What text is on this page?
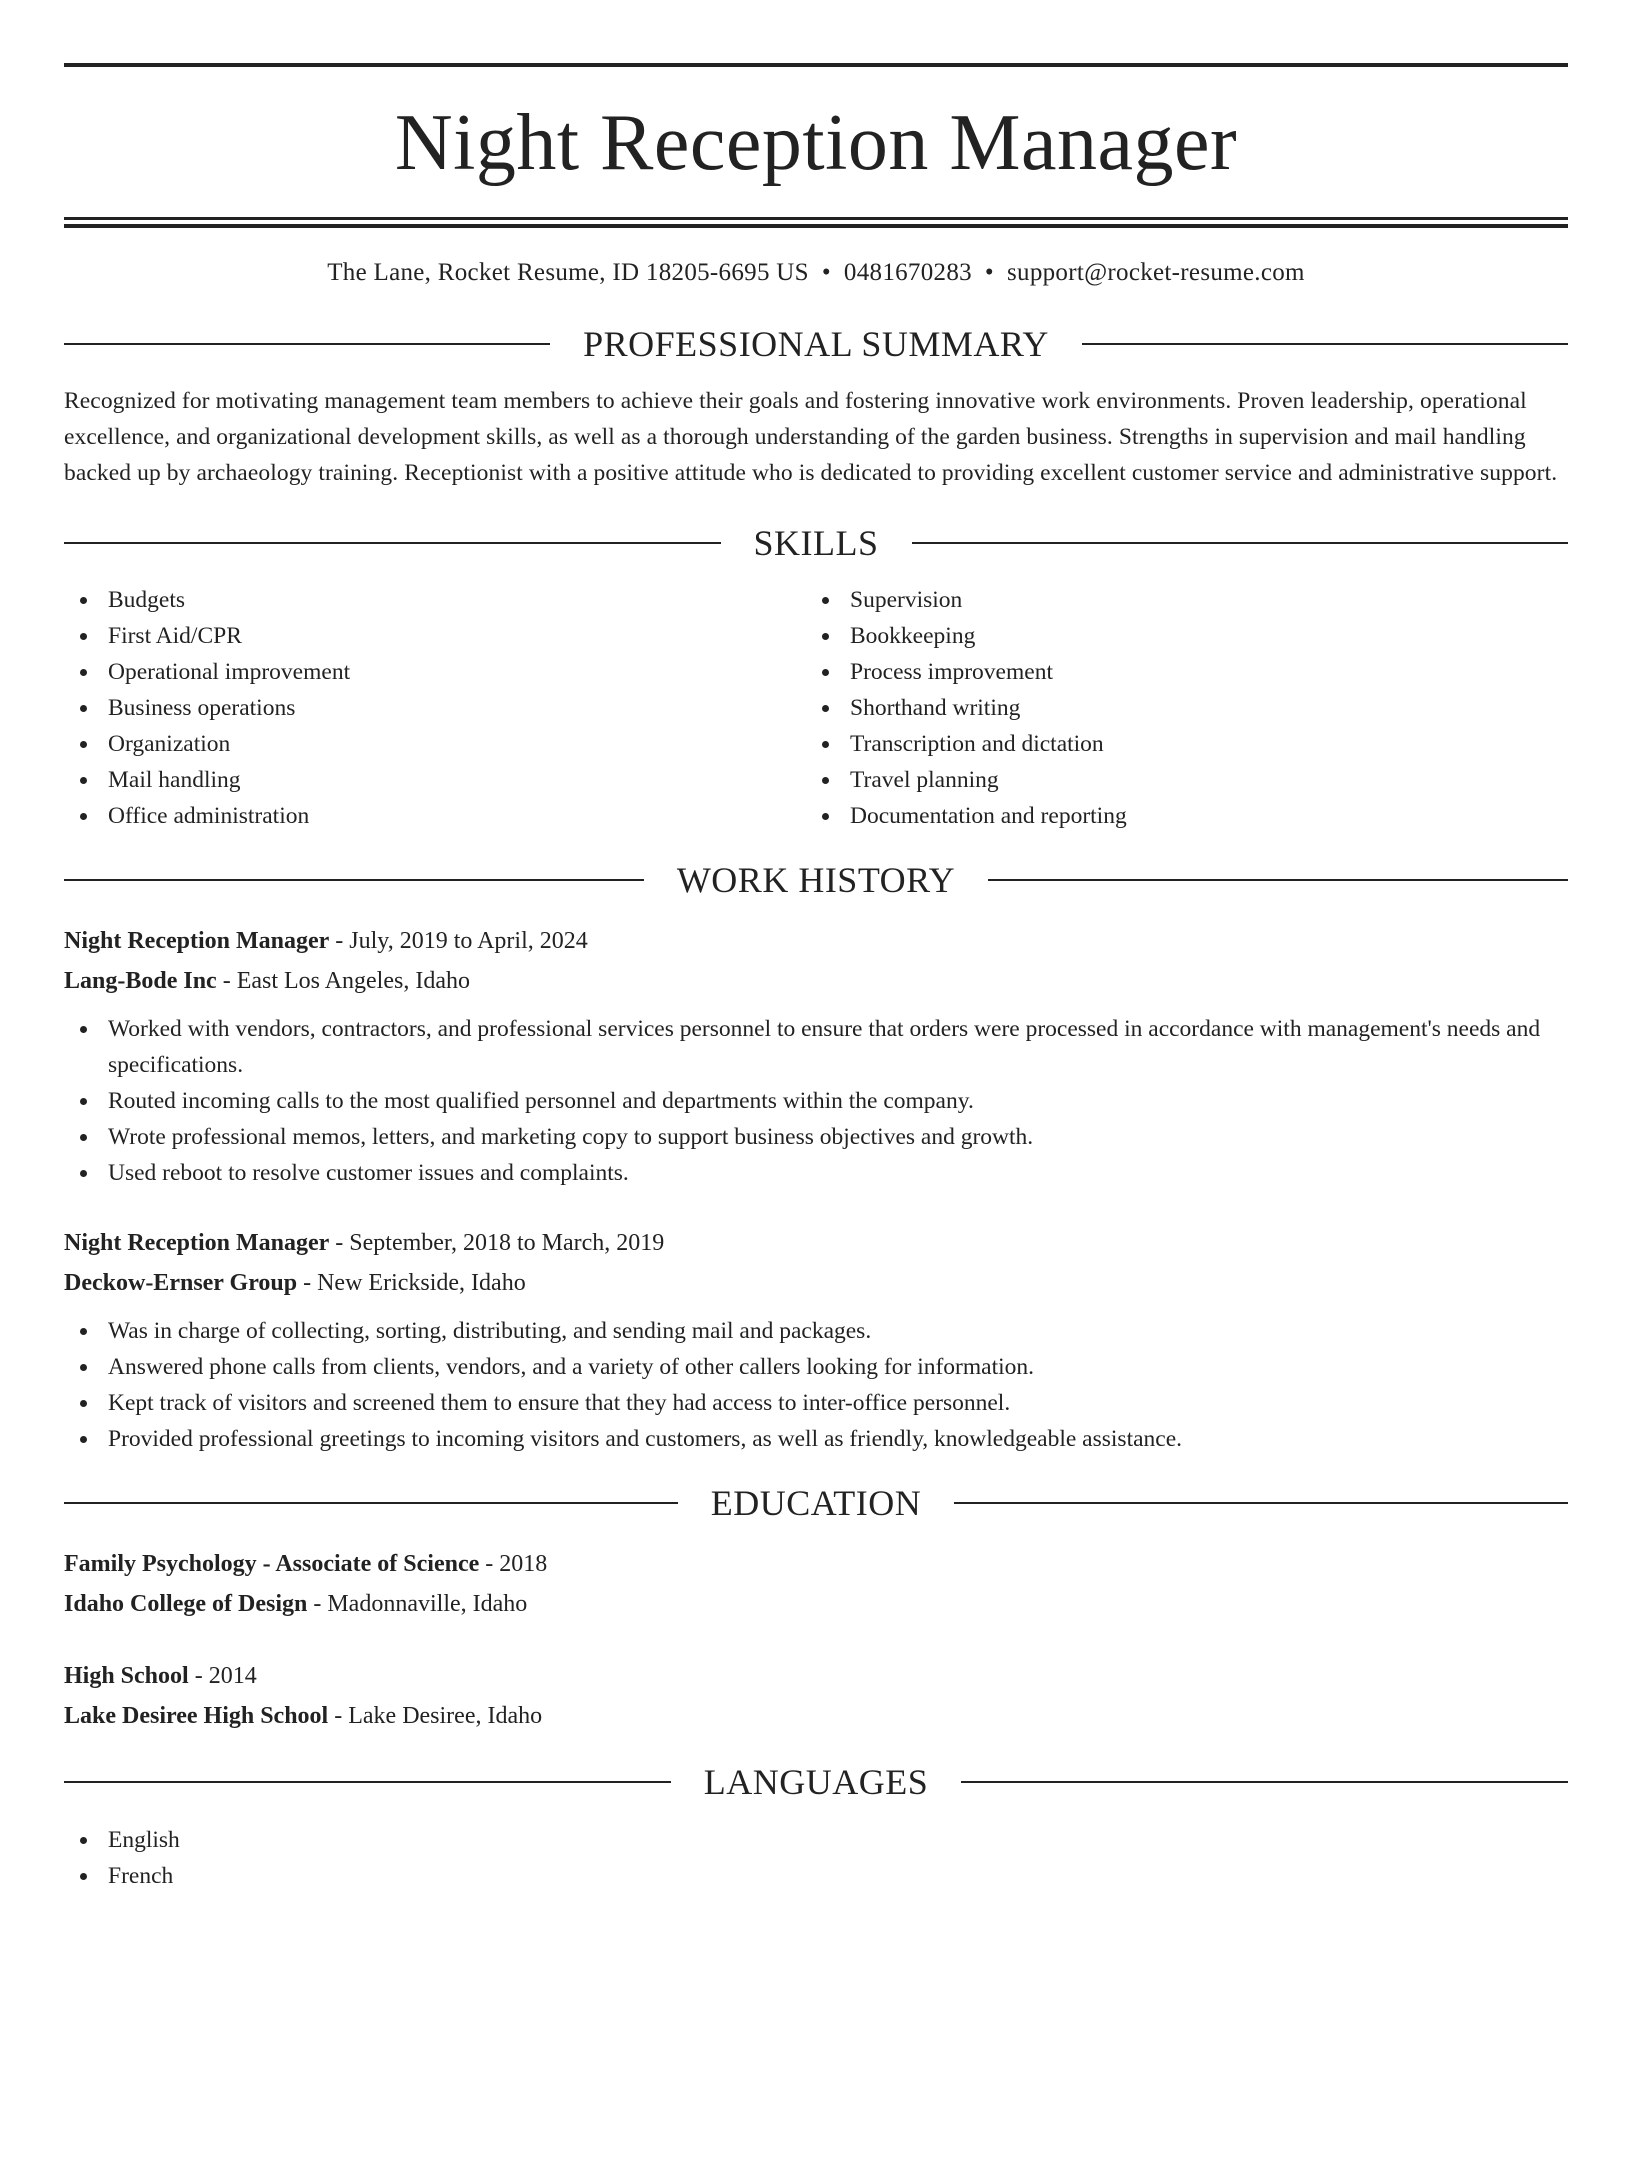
Night Reception Manager
The Lane, Rocket Resume, ID 18205-6695 US • 0481670283 • support@rocket-resume.com
PROFESSIONAL SUMMARY

Recognized for motivating management team members to achieve their goals and fostering innovative work environments. Proven leadership, operational excellence, and organizational development skills, as well as a thorough understanding of the garden business. Strengths in supervision and mail handling backed up by archaeology training. Receptionist with a positive attitude who is dedicated to providing excellent customer service and administrative support.

SKILLS
Budgets
First Aid/CPR
Operational improvement
Business operations
Organization
Mail handling
Office administration
Supervision
Bookkeeping
Process improvement
Shorthand writing
Transcription and dictation
Travel planning
Documentation and reporting
WORK HISTORY
Night Reception Manager - July, 2019 to April, 2024
Lang-Bode Inc - East Los Angeles, Idaho
Worked with vendors, contractors, and professional services personnel to ensure that orders were processed in accordance with management's needs and specifications.
Routed incoming calls to the most qualified personnel and departments within the company.
Wrote professional memos, letters, and marketing copy to support business objectives and growth.
Used reboot to resolve customer issues and complaints.
Night Reception Manager - September, 2018 to March, 2019
Deckow-Ernser Group - New Erickside, Idaho
Was in charge of collecting, sorting, distributing, and sending mail and packages.
Answered phone calls from clients, vendors, and a variety of other callers looking for information.
Kept track of visitors and screened them to ensure that they had access to inter-office personnel.
Provided professional greetings to incoming visitors and customers, as well as friendly, knowledgeable assistance.
EDUCATION
Family Psychology - Associate of Science - 2018
Idaho College of Design - Madonnaville, Idaho
High School - 2014
Lake Desiree High School - Lake Desiree, Idaho
LANGUAGES
English
French
